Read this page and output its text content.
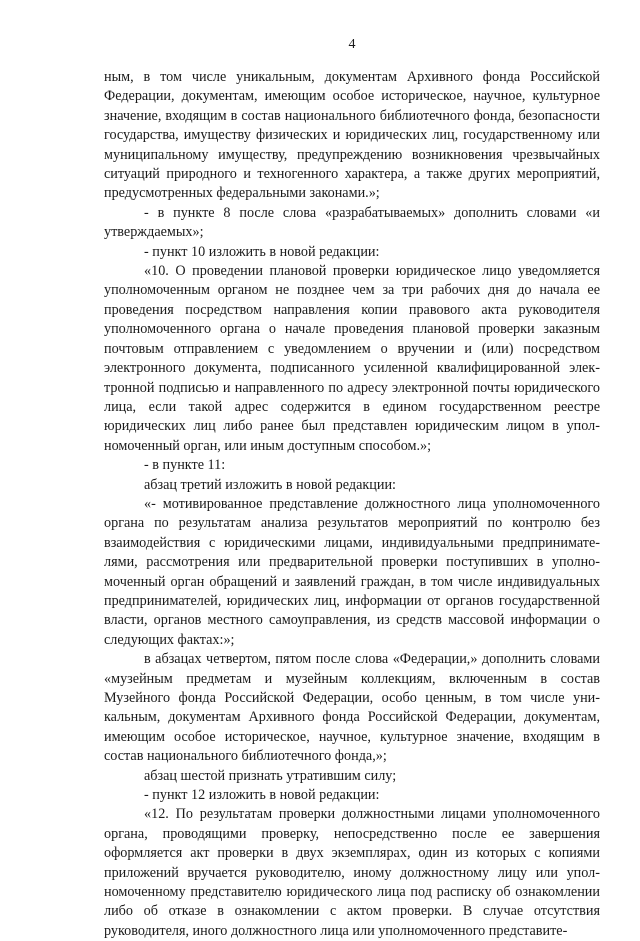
4

ным, в том числе уникальным, документам Архивного фонда Российской Федерации, документам, имеющим особое историческое, научное, культурное значение, входящим в состав национального библиотечного фонда, безопасности государства, имуществу физических и юридических лиц, государственному или муниципальному имуществу, предупреждению возникновения чрезвычайных ситуаций природного и техногенного характера, а также других мероприятий, предусмотренных федеральными законами.»;

- в пункте 8 после слова «разрабатываемых» дополнить словами «и утверждаемых»;

- пункт 10 изложить в новой редакции:

«10. О проведении плановой проверки юридическое лицо уведомляется уполномоченным органом не позднее чем за три рабочих дня до начала ее проведения посредством направления копии правового акта руководителя уполномоченного органа о начале проведения плановой проверки заказным почтовым отправлением с уведомлением о вручении и (или) посредством электронного документа, подписанного усиленной квалифицированной электронной подписью и направленного по адресу электронной почты юридического лица, если такой адрес содержится в едином государственном реестре юридических лиц либо ранее был представлен юридическим лицом в уполномоченный орган, или иным доступным способом.»;

- в пункте 11:

абзац третий изложить в новой редакции:

«- мотивированное представление должностного лица уполномоченного органа по результатам анализа результатов мероприятий по контролю без взаимодействия с юридическими лицами, индивидуальными предпринимателями, рассмотрения или предварительной проверки поступивших в уполномоченный орган обращений и заявлений граждан, в том числе индивидуальных предпринимателей, юридических лиц, информации от органов государственной власти, органов местного самоуправления, из средств массовой информации о следующих фактах:»;

в абзацах четвертом, пятом после слова «Федерации,» дополнить словами «музейным предметам и музейным коллекциям, включенным в состав Музейного фонда Российской Федерации, особо ценным, в том числе уникальным, документам Архивного фонда Российской Федерации, документам, имеющим особое историческое, научное, культурное значение, входящим в состав национального библиотечного фонда,»;

абзац шестой признать утратившим силу;

- пункт 12 изложить в новой редакции:

«12. По результатам проверки должностными лицами уполномоченного органа, проводящими проверку, непосредственно после ее завершения оформляется акт проверки в двух экземплярах, один из которых с копиями приложений вручается руководителю, иному должностному лицу или уполномоченному представителю юридического лица под расписку об ознакомлении либо об отказе в ознакомлении с актом проверки. В случае отсутствия руководителя, иного должностного лица или уполномоченного представите-
